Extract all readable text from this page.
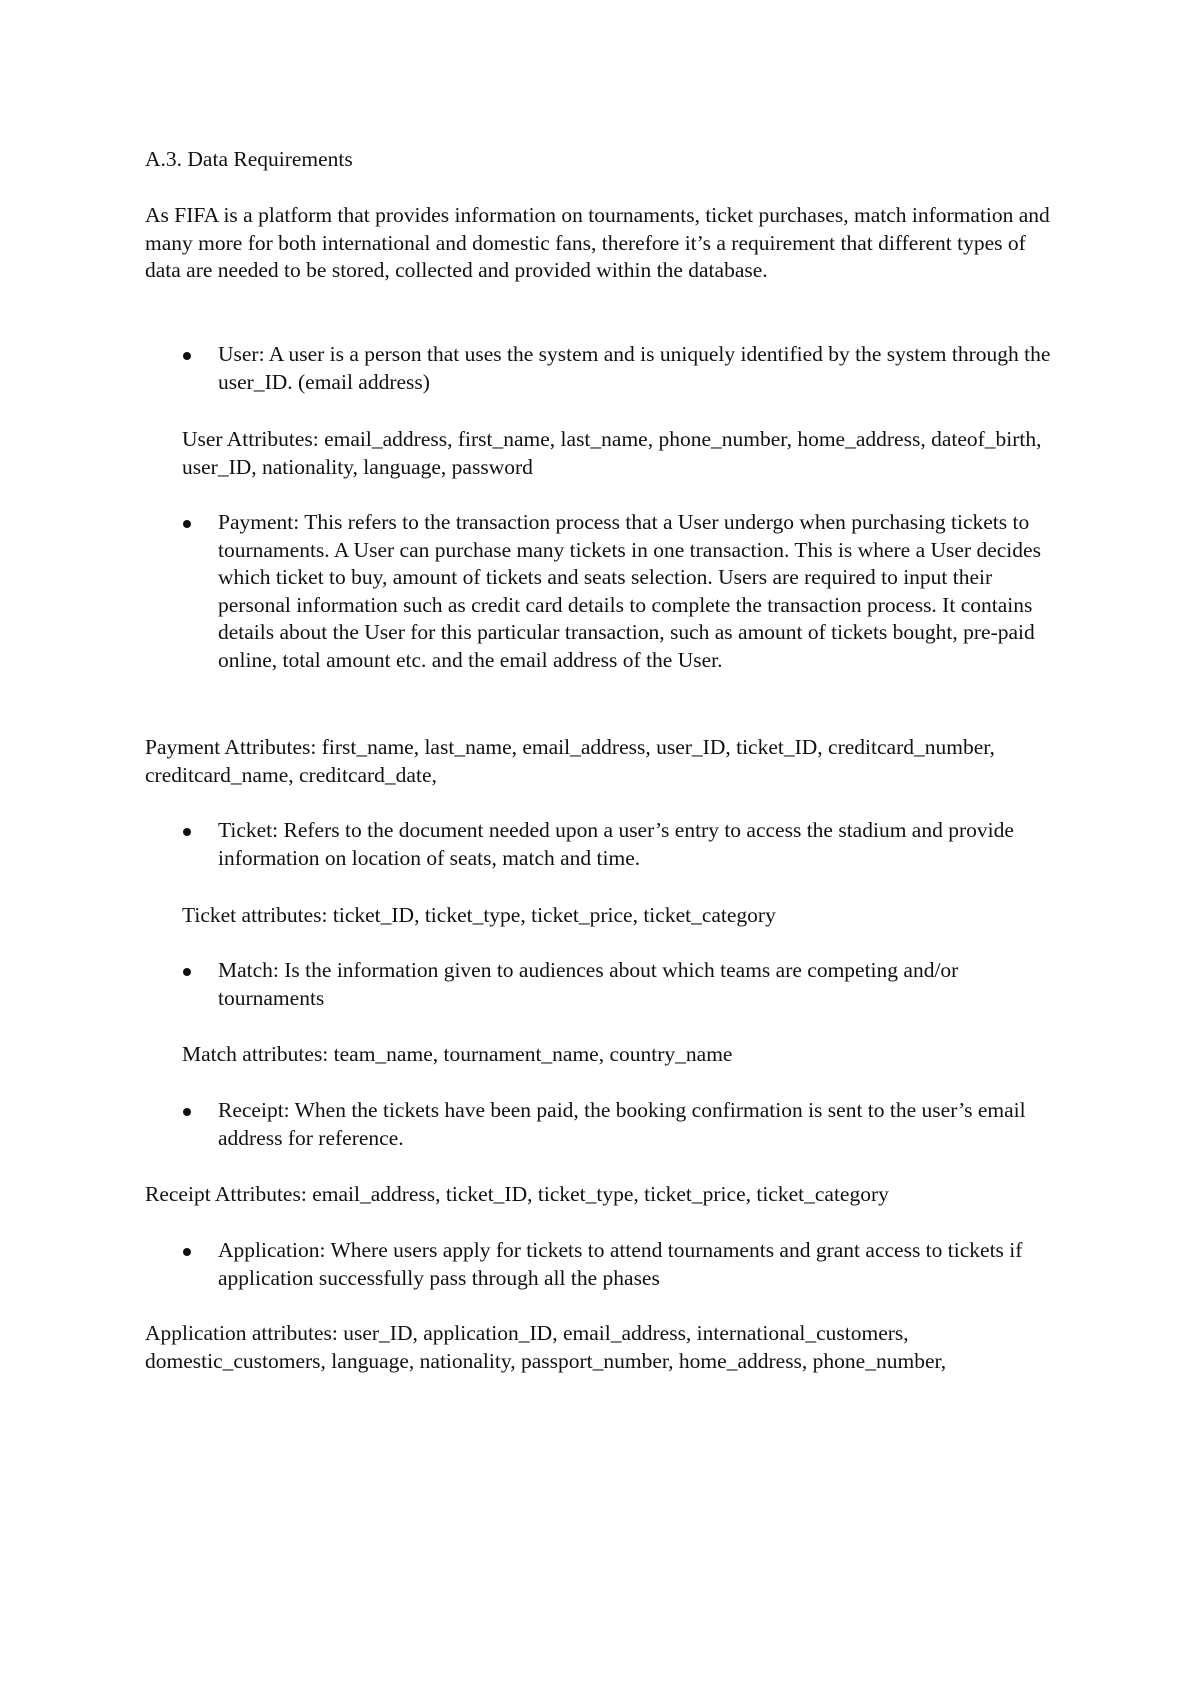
A.3. Data Requirements

As FIFA is a platform that provides information on tournaments, ticket purchases, match information and many more for both international and domestic fans, therefore it’s a requirement that different types of data are needed to be stored, collected and provided within the database.

User: A user is a person that uses the system and is uniquely identified by the system through the user_ID. (email address)

User Attributes: email_address, first_name, last_name, phone_number, home_address, dateof_birth, user_ID, nationality, language, password

Payment: This refers to the transaction process that a User undergo when purchasing tickets to tournaments. A User can purchase many tickets in one transaction. This is where a User decides which ticket to buy, amount of tickets and seats selection. Users are required to input their personal information such as credit card details to complete the transaction process. It contains details about the User for this particular transaction, such as amount of tickets bought, pre-paid online, total amount etc. and the email address of the User.

Payment Attributes: first_name, last_name, email_address, user_ID, ticket_ID, creditcard_number, creditcard_name, creditcard_date,

Ticket: Refers to the document needed upon a user’s entry to access the stadium and provide information on location of seats, match and time.

Ticket attributes: ticket_ID, ticket_type, ticket_price, ticket_category

Match: Is the information given to audiences about which teams are competing and/or tournaments

Match attributes: team_name, tournament_name, country_name

Receipt: When the tickets have been paid, the booking confirmation is sent to the user’s email address for reference.

Receipt Attributes: email_address, ticket_ID, ticket_type, ticket_price, ticket_category

Application: Where users apply for tickets to attend tournaments and grant access to tickets if application successfully pass through all the phases

Application attributes: user_ID, application_ID, email_address, international_customers, domestic_customers, language, nationality, passport_number, home_address, phone_number,
